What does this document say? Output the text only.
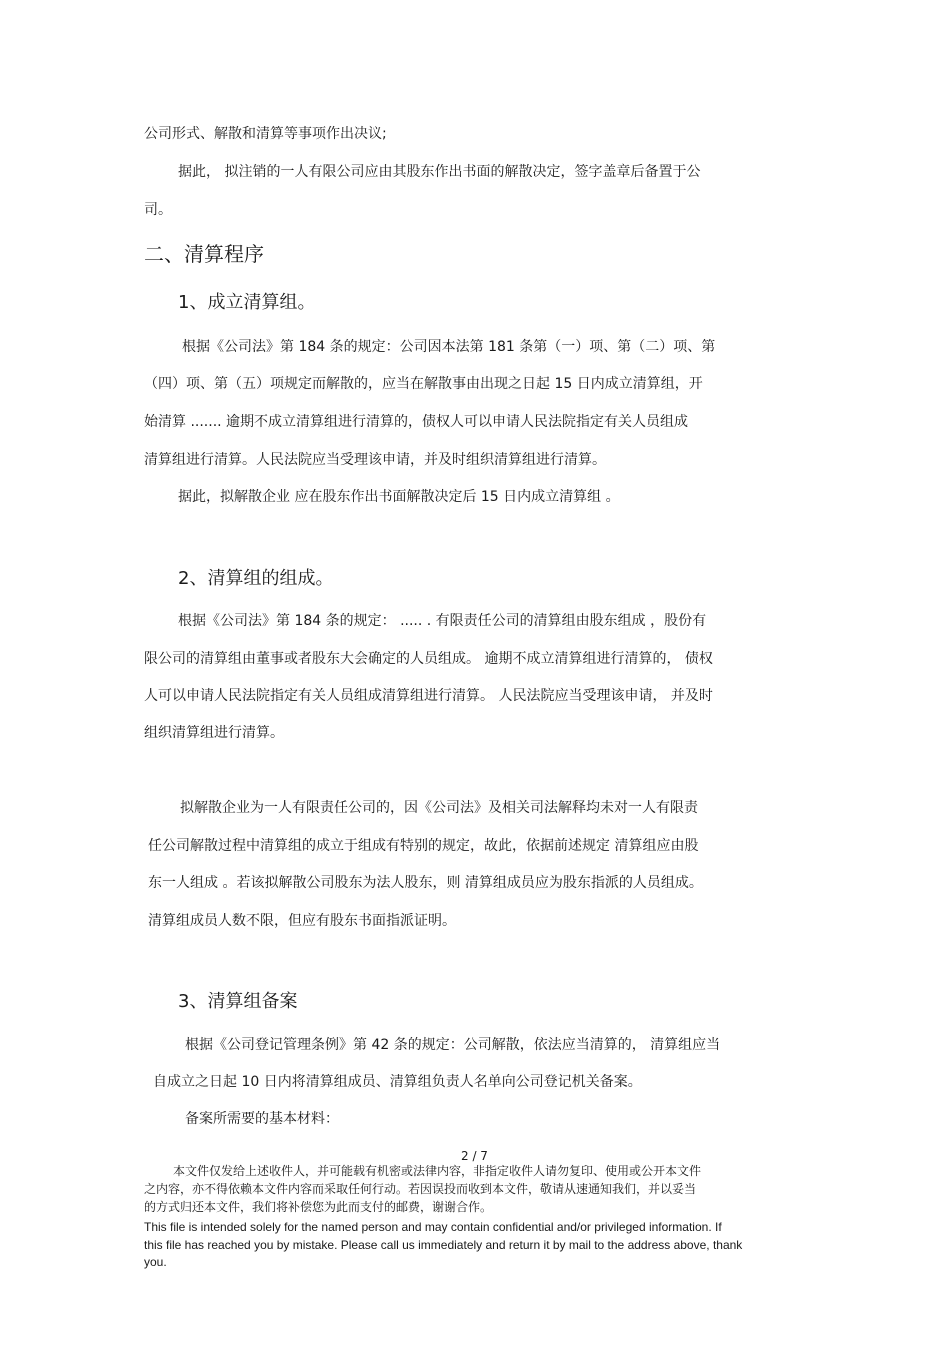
公司形式、解散和清算等事项作出决议;
据此， 拟注销的一人有限公司应由其股东作出书面的解散决定，签字盖章后备置于公
司。
二、清算程序
1、成立清算组。
根据《公司法》第 184 条的规定：公司因本法第 181 条第（一）项、第（二）项、第
（四）项、第（五）项规定而解散的，应当在解散事由出现之日起 15 日内成立清算组，开
始清算 ....... 逾期不成立清算组进行清算的，债权人可以申请人民法院指定有关人员组成
清算组进行清算。人民法院应当受理该申请，并及时组织清算组进行清算。
据此，拟解散企业 应在股东作出书面解散决定后 15 日内成立清算组 。
2、清算组的组成。
根据《公司法》第 184 条的规定： ..... . 有限责任公司的清算组由股东组成 ，股份有
限公司的清算组由董事或者股东大会确定的人员组成。 逾期不成立清算组进行清算的， 债权
人可以申请人民法院指定有关人员组成清算组进行清算。 人民法院应当受理该申请， 并及时
组织清算组进行清算。
拟解散企业为一人有限责任公司的，因《公司法》及相关司法解释均未对一人有限责
任公司解散过程中清算组的成立于组成有特别的规定，故此，依据前述规定 清算组应由股
东一人组成 。若该拟解散公司股东为法人股东，则 清算组成员应为股东指派的人员组成。
清算组成员人数不限，但应有股东书面指派证明。
3、清算组备案
根据《公司登记管理条例》第 42 条的规定：公司解散，依法应当清算的， 清算组应当
自成立之日起 10 日内将清算组成员、清算组负责人名单向公司登记机关备案。
备案所需要的基本材料：
2 / 7
本文件仅发给上述收件人，并可能载有机密或法律内容，非指定收件人请勿复印、使用或公开本文件
之内容，亦不得依赖本文件内容而采取任何行动。若因误投而收到本文件，敬请从速通知我们，并以妥当
的方式归还本文件，我们将补偿您为此而支付的邮费，谢谢合作。
This file is intended solely for the named person and may contain confidential and/or privileged information. If
this file has reached you by mistake. Please call us immediately and return it by mail to the address above, thank
you.
